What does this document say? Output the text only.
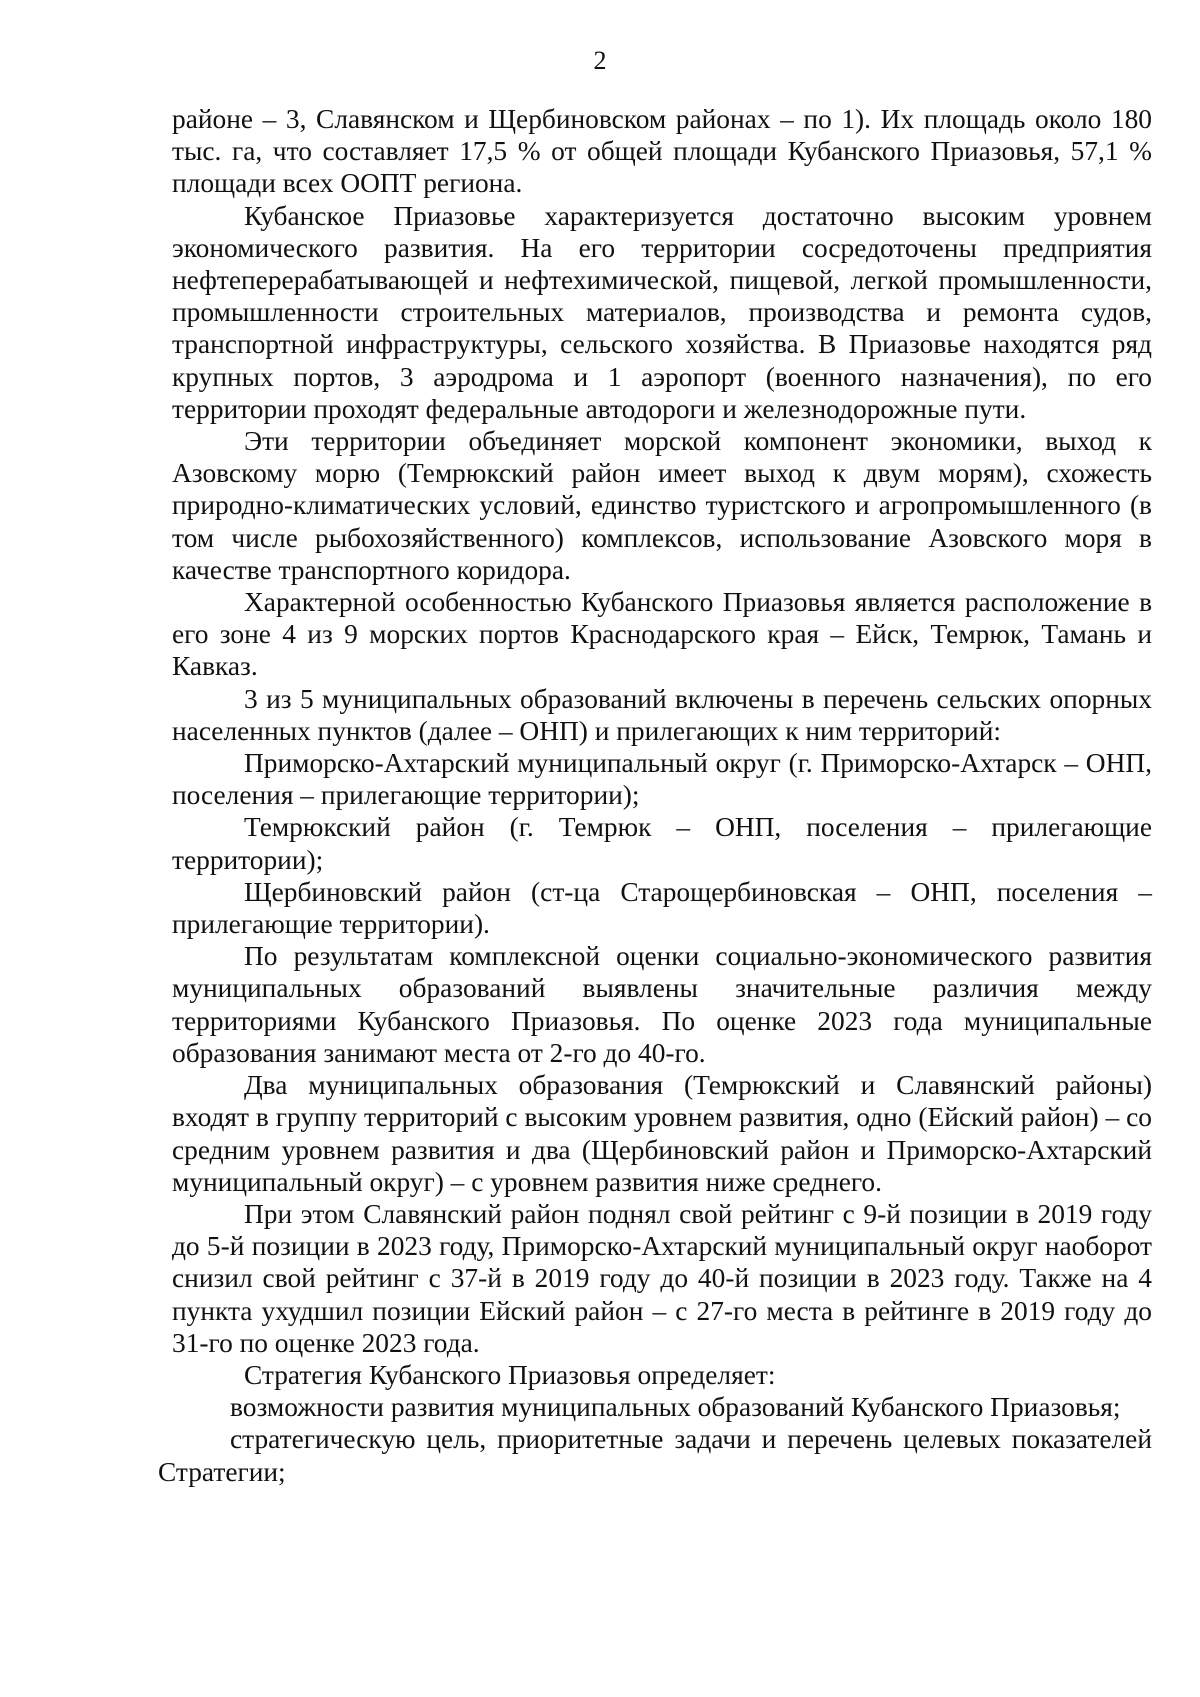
2

районе – 3, Славянском и Щербиновском районах – по 1). Их площадь около 180 тыс. га, что составляет 17,5 % от общей площади Кубанского Приазовья, 57,1 % площади всех ООПТ региона.

Кубанское Приазовье характеризуется достаточно высоким уровнем экономического развития. На его территории сосредоточены предприятия нефтеперерабатывающей и нефтехимической, пищевой, легкой промышленности, промышленности строительных материалов, производства и ремонта судов, транспортной инфраструктуры, сельского хозяйства. В Приазовье находятся ряд крупных портов, 3 аэродрома и 1 аэропорт (военного назначения), по его территории проходят федеральные автодороги и железнодорожные пути.

Эти территории объединяет морской компонент экономики, выход к Азовскому морю (Темрюкский район имеет выход к двум морям), схожесть природно-климатических условий, единство туристского и агропромышленного (в том числе рыбохозяйственного) комплексов, использование Азовского моря в качестве транспортного коридора.

Характерной особенностью Кубанского Приазовья является расположение в его зоне 4 из 9 морских портов Краснодарского края – Ейск, Темрюк, Тамань и Кавказ.

3 из 5 муниципальных образований включены в перечень сельских опорных населенных пунктов (далее – ОНП) и прилегающих к ним территорий:

Приморско-Ахтарский муниципальный округ (г. Приморско-Ахтарск – ОНП, поселения – прилегающие территории);

Темрюкский район (г. Темрюк – ОНП, поселения – прилегающие территории);

Щербиновский район (ст-ца Старощербиновская – ОНП, поселения – прилегающие территории).

По результатам комплексной оценки социально-экономического развития муниципальных образований выявлены значительные различия между территориями Кубанского Приазовья. По оценке 2023 года муниципальные образования занимают места от 2-го до 40-го.

Два муниципальных образования (Темрюкский и Славянский районы) входят в группу территорий с высоким уровнем развития, одно (Ейский район) – со средним уровнем развития и два (Щербиновский район и Приморско-Ахтарский муниципальный округ) – с уровнем развития ниже среднего.

При этом Славянский район поднял свой рейтинг с 9-й позиции в 2019 году до 5-й позиции в 2023 году, Приморско-Ахтарский муниципальный округ наоборот снизил свой рейтинг с 37-й в 2019 году до 40-й позиции в 2023 году. Также на 4 пункта ухудшил позиции Ейский район – с 27-го места в рейтинге в 2019 году до 31-го по оценке 2023 года.

Стратегия Кубанского Приазовья определяет:

возможности развития муниципальных образований Кубанского Приазовья;

стратегическую цель, приоритетные задачи и перечень целевых показателей Стратегии;
